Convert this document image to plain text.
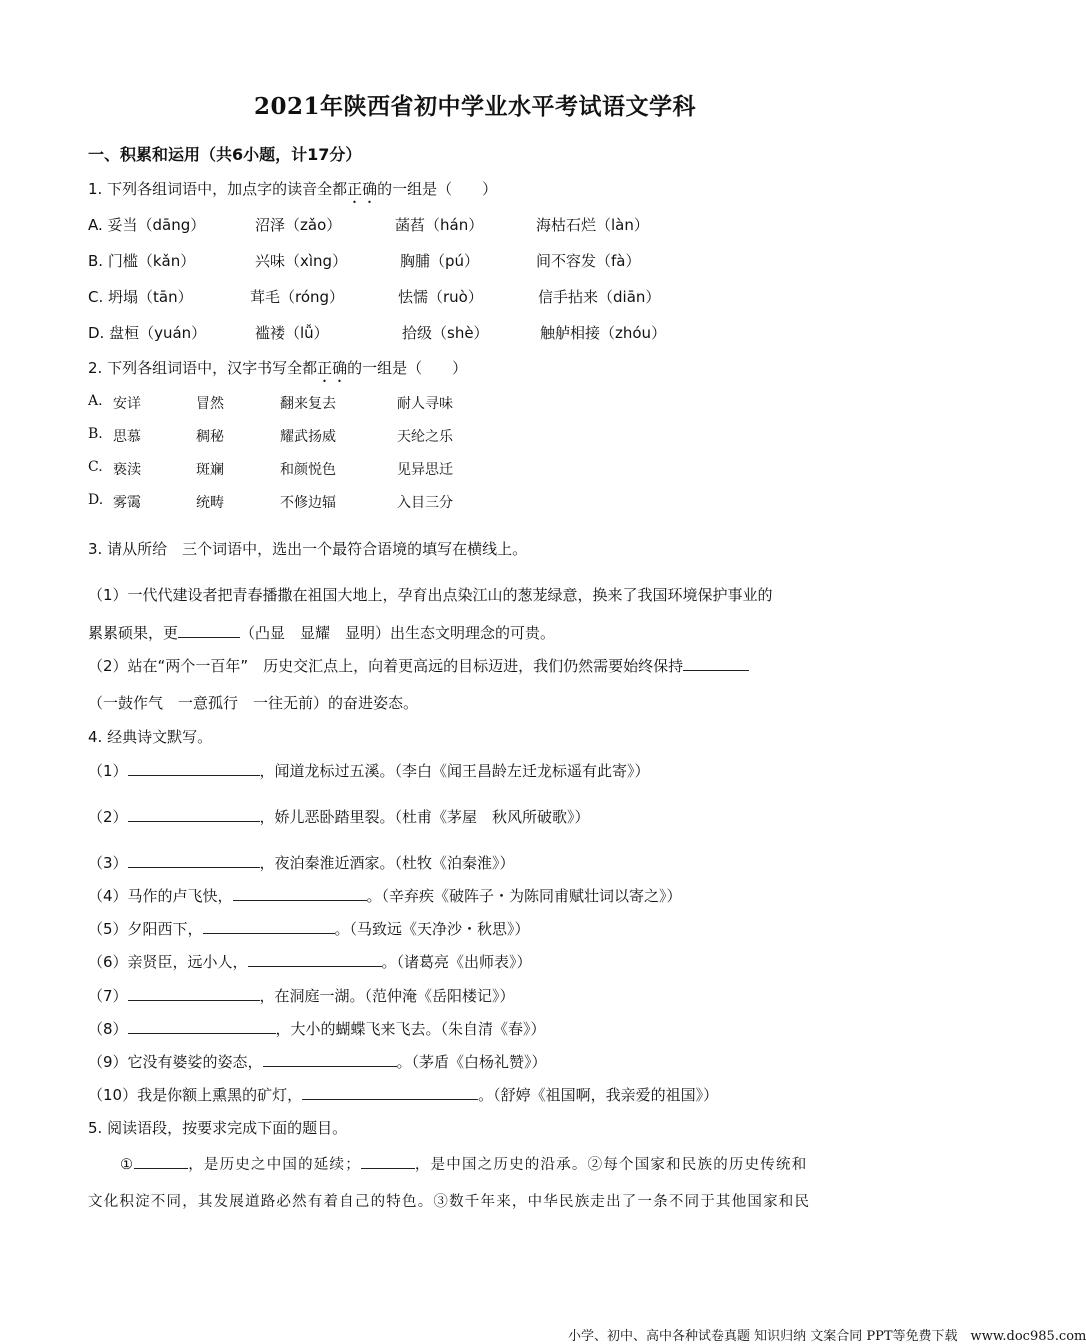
2021年陕西省初中学业水平考试语文学科
一、积累和运用（共6小题，计17分）
1. 下列各组词语中，加点字的读音全都正确的一组是（　　）
A. 妥当（dāng）	沼泽（zǎo）	菡萏（hán）	海枯石烂（làn）
B. 门槛（kǎn）	兴味（xìng）	胸脯（pú）	间不容发（fà）
C. 坍塌（tān）	茸毛（róng）	怯懦（ruò）	信手拈来（diān）
D. 盘桓（yuán）	褴褛（lǚ）	拾级（shè）	触舻相接（zhóu）
2. 下列各组词语中，汉字书写全都正确的一组是（　　）
A. 安详	冒然	翻来复去	耐人寻味
B. 思慕	稠秘	耀武扬威	天纶之乐
C. 亵渎	斑斓	和颜悦色	见异思迁
D. 雾霭	统畴	不修边辐	入目三分
3. 请从所给　三个词语中，选出一个最符合语境的填写在横线上。
（1）一代代建设者把青春播撒在祖国大地上，孕育出点染江山的葱茏绿意，换来了我国环境保护事业的
累累硕果，更	（凸显　显耀　显明）出生态文明理念的可贵。
（2）站在“两个一百年”　历史交汇点上，向着更高远的目标迈进，我们仍然需要始终保持
（一鼓作气　一意孤行　一往无前）的奋进姿态。
4. 经典诗文默写。
（1）	，闻道龙标过五溪。（李白《闻王昌龄左迁龙标遥有此寄》）
（2）	，娇儿恶卧踏里裂。（杜甫《茅屋　秋风所破歌》）
（3）	，夜泊秦淮近酒家。（杜牧《泊秦淮》）
（4）马作的卢飞快，	。（辛弃疾《破阵子・为陈同甫赋壮词以寄之》）
（5）夕阳西下，	。（马致远《天净沙・秋思》）
（6）亲贤臣，远小人，	。（诸葛亮《出师表》）
（7）	，在洞庭一湖。（范仲淹《岳阳楼记》）
（8）	，大小的蝴蝶飞来飞去。（朱自清《春》）
（9）它没有婆娑的姿态，	。（茅盾《白杨礼赞》）
（10）我是你额上熏黑的矿灯，	。（舒婷《祖国啊，我亲爱的祖国》）
5. 阅读语段，按要求完成下面的题目。
①	，是历史之中国的延续；	，是中国之历史的沿承。②每个国家和民族的历史传统和
文化积淀不同，其发展道路必然有着自己的特色。③数千年来，中华民族走出了一条不同于其他国家和民
小学、初中、高中各种试卷真题 知识归纳 文案合同 PPT等免费下载　www.doc985.com
